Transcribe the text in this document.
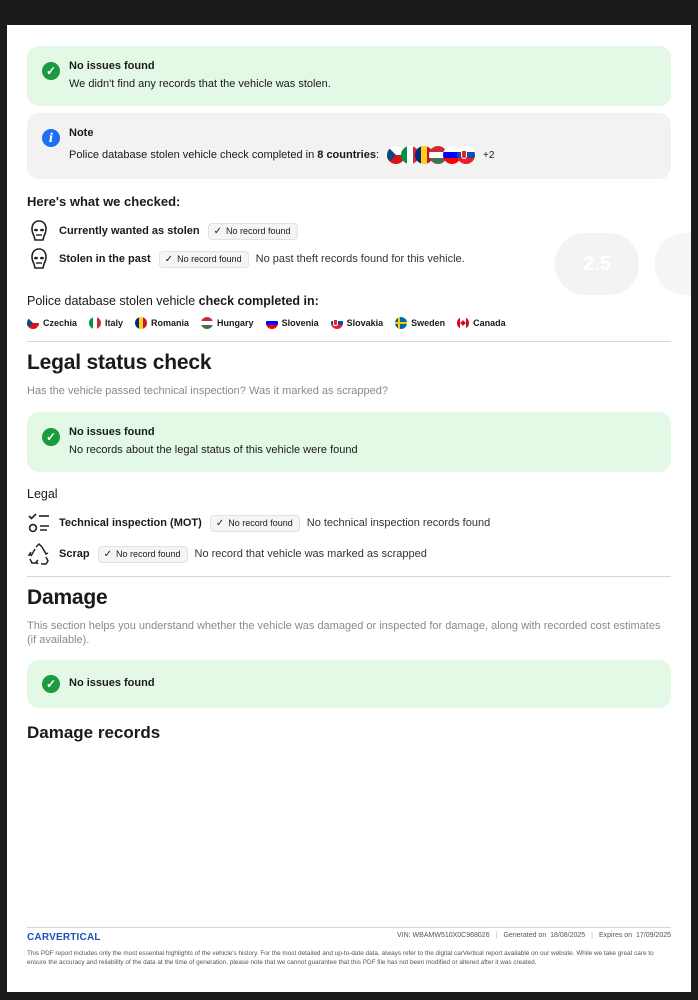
2.5
✓	No issues found
We didn't find any records that the vehicle was stolen.
i	Note
Police database stolen vehicle check completed in 8 countries :	+2
Here's what we checked:
Currently wanted as stolen ✓ No record found
Stolen in the past ✓ No record found No past theft records found for this vehicle.
Police database stolen vehicle check completed in:
Czechia	Italy	Romania	Hungary	Slovenia	Slovakia	Sweden	Canada
Legal status check
Has the vehicle passed technical inspection? Was it marked as scrapped?
✓	No issues found
No records about the legal status of this vehicle were found
Legal
Technical inspection (MOT) ✓ No record found No technical inspection records found
Scrap ✓ No record found No record that vehicle was marked as scrapped
Damage
This section helps you understand whether the vehicle was damaged or inspected for damage, along with recorded cost estimates (if available).
✓	No issues found
Damage records
CARVERTICAL	VIN: WBAMW510X0C968026 | Generated on  18/08/2025 | Expires on  17/09/2025
This PDF report includes only the most essential highlights of the vehicle's history. For the most detailed and up-to-date data, always refer to the digital carVertical report available on our website. While we take great care to ensure the accuracy and reliability of the data at the time of generation, please note that we cannot guarantee that this PDF file has not been modified or altered after it was created.
